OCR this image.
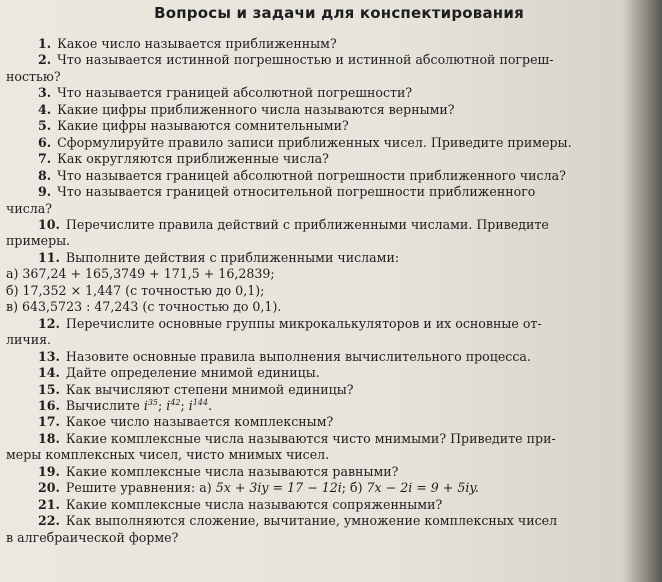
Вопросы и задачи для конспектирования
1. Какое число называется приближенным?
2. Что называется истинной погрешностью и истинной абсолютной погреш-
ностью?
3. Что называется границей абсолютной погрешности?
4. Какие цифры приближенного числа называются верными?
5. Какие цифры называются сомнительными?
6. Сформулируйте правило записи приближенных чисел. Приведите примеры.
7. Как округляются приближенные числа?
8. Что называется границей абсолютной погрешности приближенного числа?
9. Что называется границей относительной погрешности приближенного
числа?
10. Перечислите правила действий с приближенными числами. Приведите
примеры.
11. Выполните действия с приближенными числами:
а) 367,24 + 165,3749 + 171,5 + 16,2839;
б) 17,352 × 1,447 (с точностью до 0,1);
в) 643,5723 : 47,243 (с точностью до 0,1).
12. Перечислите основные группы микрокалькуляторов и их основные от-
личия.
13. Назовите основные правила выполнения вычислительного процесса.
14. Дайте определение мнимой единицы.
15. Как вычисляют степени мнимой единицы?
16. Вычислите $i^{35}$; $i^{42}$; $i^{144}$.
17. Какое число называется комплексным?
18. Какие комплексные числа называются чисто мнимыми? Приведите при-
меры комплексных чисел, чисто мнимых чисел.
19. Какие комплексные числа называются равными?
20. Решите уравнения: а) 5x + 3iy = 17 − 12i; б) 7x − 2i = 9 + 5iy.
21. Какие комплексные числа называются сопряженными?
22. Как выполняются сложение, вычитание, умножение комплексных чисел
в алгебраической форме?
